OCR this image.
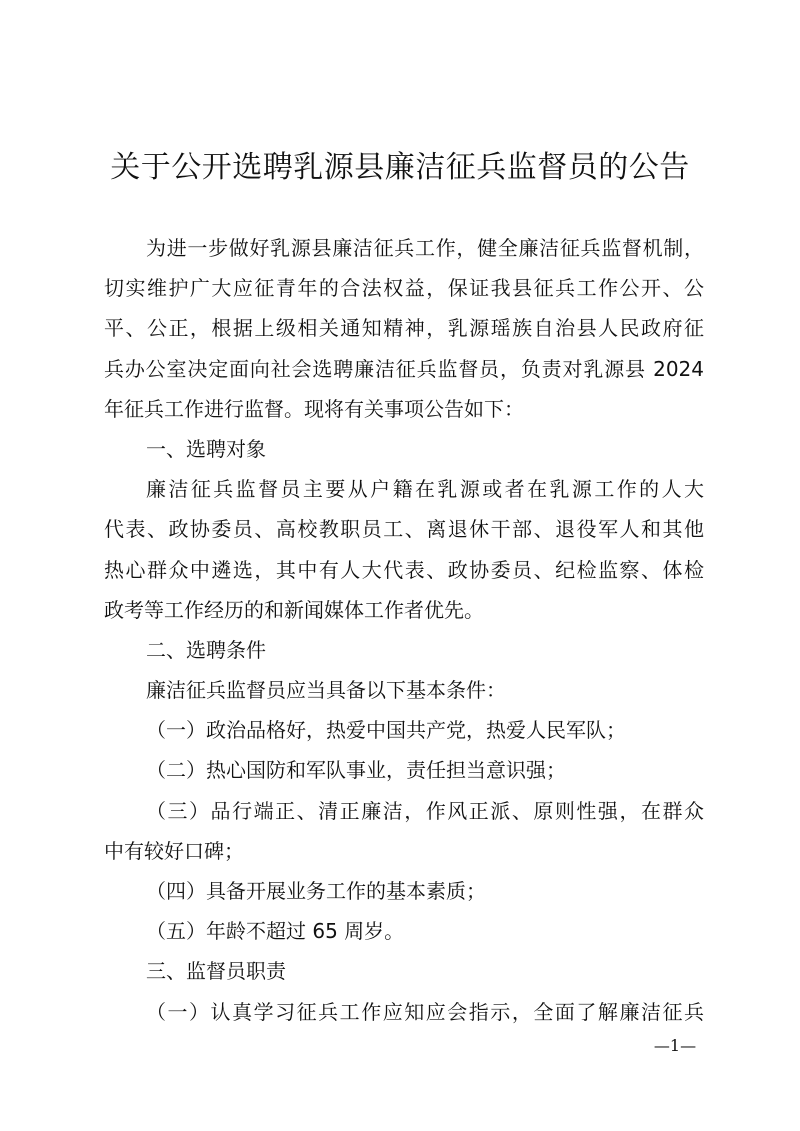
关于公开选聘乳源县廉洁征兵监督员的公告
为进一步做好乳源县廉洁征兵工作，健全廉洁征兵监督机制，
切实维护广大应征青年的合法权益，保证我县征兵工作公开、公
平、公正，根据上级相关通知精神，乳源瑶族自治县人民政府征
兵办公室决定面向社会选聘廉洁征兵监督员，负责对乳源县 2024
年征兵工作进行监督。现将有关事项公告如下：
一、选聘对象
廉洁征兵监督员主要从户籍在乳源或者在乳源工作的人大
代表、政协委员、高校教职员工、离退休干部、退役军人和其他
热心群众中遴选，其中有人大代表、政协委员、纪检监察、体检
政考等工作经历的和新闻媒体工作者优先。
二、选聘条件
廉洁征兵监督员应当具备以下基本条件：
（一）政治品格好，热爱中国共产党，热爱人民军队；
（二）热心国防和军队事业，责任担当意识强；
（三）品行端正、清正廉洁，作风正派、原则性强，在群众
中有较好口碑；
（四）具备开展业务工作的基本素质；
（五）年龄不超过 65 周岁。
三、监督员职责
（一）认真学习征兵工作应知应会指示，全面了解廉洁征兵
—1—
